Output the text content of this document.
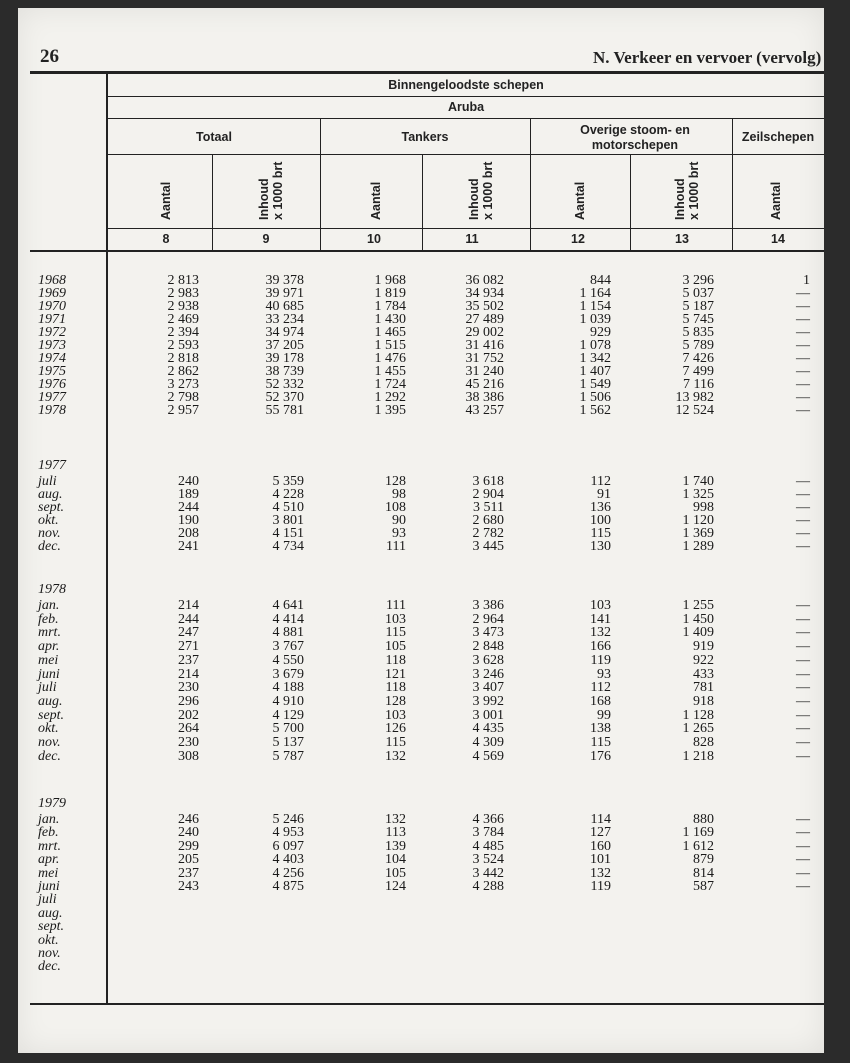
26	N. Verkeer en vervoer (vervolg)
Binnengeloodste schepen
Aruba
Totaal	Tankers	Overige stoom- en motorschepen
Zeilschepen
Aantal	Inhoud x 1000 brt	Aantal	Inhoud x 1000 brt	Aantal	Inhoud x 1000 brt	Aantal
8	9	10	11	12	13	14
1968	2 813	39 378	1 968	36 082	844	3 296	1
1969	2 983	39 971	1 819	34 934	1 164	5 037	—
1970	2 938	40 685	1 784	35 502	1 154	5 187	—
1971	2 469	33 234	1 430	27 489	1 039	5 745	—
1972	2 394	34 974	1 465	29 002	929	5 835	—
1973	2 593	37 205	1 515	31 416	1 078	5 789	—
1974	2 818	39 178	1 476	31 752	1 342	7 426	—
1975	2 862	38 739	1 455	31 240	1 407	7 499	—
1976	3 273	52 332	1 724	45 216	1 549	7 116	—
1977	2 798	52 370	1 292	38 386	1 506	13 982	—
1978	2 957	55 781	1 395	43 257	1 562	12 524	—
1977
juli	240	5 359	128	3 618	112	1 740	—
aug.	189	4 228	98	2 904	91	1 325	—
sept.	244	4 510	108	3 511	136	998	—
okt.	190	3 801	90	2 680	100	1 120	—
nov.	208	4 151	93	2 782	115	1 369	—
dec.	241	4 734	111	3 445	130	1 289	—
1978
jan.	214	4 641	111	3 386	103	1 255	—
feb.	244	4 414	103	2 964	141	1 450	—
mrt.	247	4 881	115	3 473	132	1 409	—
apr.	271	3 767	105	2 848	166	919	—
mei	237	4 550	118	3 628	119	922	—
juni	214	3 679	121	3 246	93	433	—
juli	230	4 188	118	3 407	112	781	—
aug.	296	4 910	128	3 992	168	918	—
sept.	202	4 129	103	3 001	99	1 128	—
okt.	264	5 700	126	4 435	138	1 265	—
nov.	230	5 137	115	4 309	115	828	—
dec.	308	5 787	132	4 569	176	1 218	—
1979
jan.	246	5 246	132	4 366	114	880	—
feb.	240	4 953	113	3 784	127	1 169	—
mrt.	299	6 097	139	4 485	160	1 612	—
apr.	205	4 403	104	3 524	101	879	—
mei	237	4 256	105	3 442	132	814	—
juni	243	4 875	124	4 288	119	587	—
juli
aug.
sept.
okt.
nov.
dec.
